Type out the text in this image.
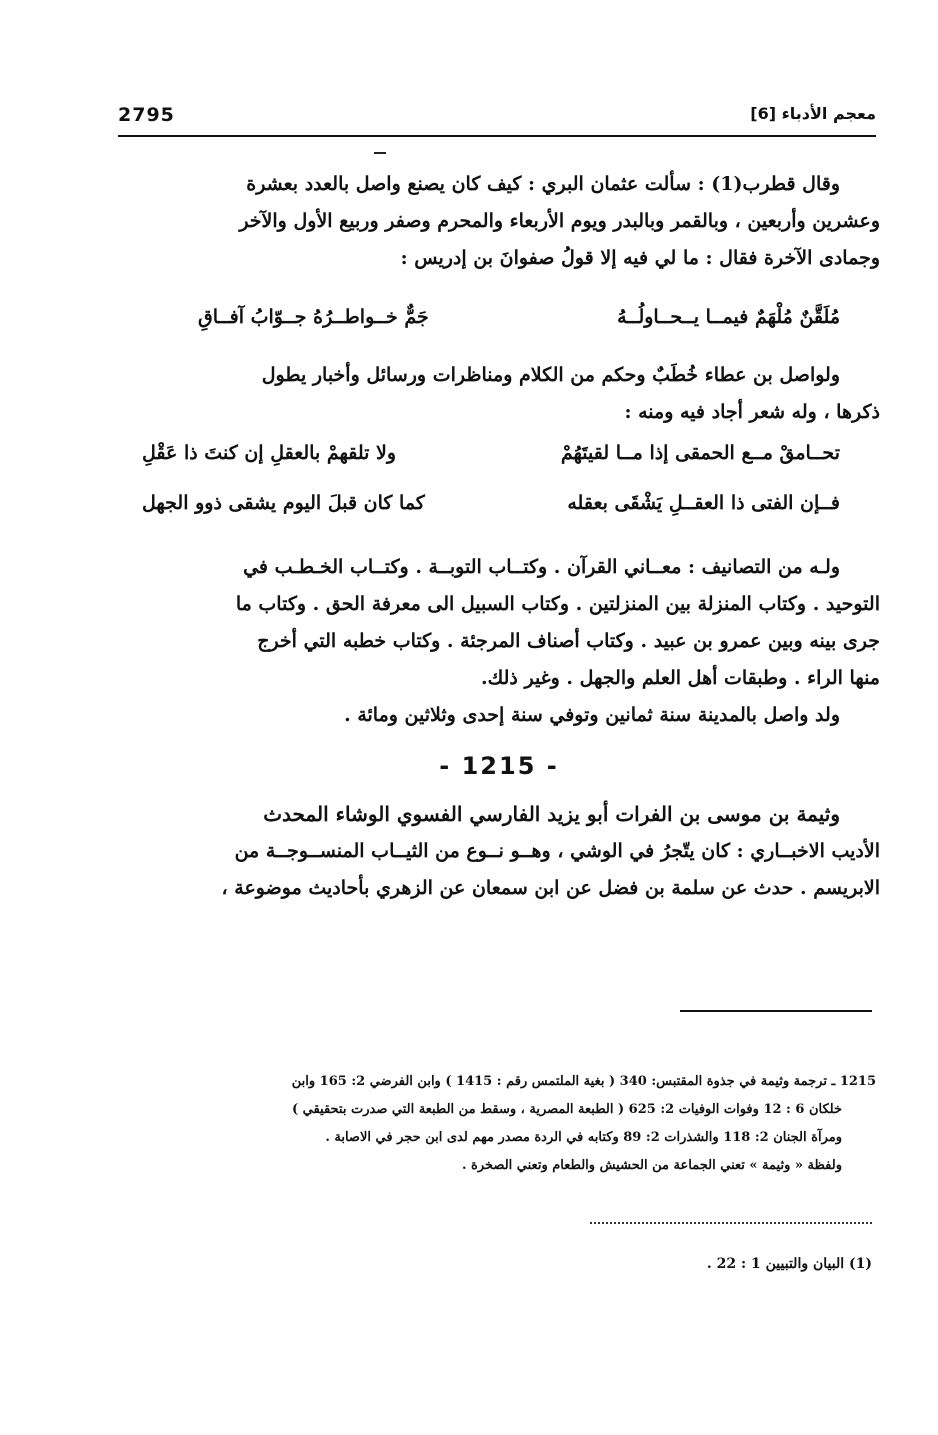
2795	معجم الأدباء [6]

وقال قطرب(1) : سألت عثمان البري : كيف كان يصنع واصل بالعدد بعشرة

وعشرين وأربعين ، وبالقمر وبالبدر ويوم الأربعاء والمحرم وصفر وربيع الأول والآخر

وجمادى الآخرة فقال : ما لي فيه إلا قولُ صفوانَ بن إدريس :

مُلَقَّنٌ مُلْهَمٌ فيمــا يــحــاولُــهُ
جَمٌّ خــواطــرُهُ جــوّابُ آفــاقِ

ولواصل بن عطاء خُطَبٌ وحكم من الكلام ومناظرات ورسائل وأخبار يطول

ذكرها ، وله شعر أجاد فيه ومنه :

تحــامقْ مــع الحمقى إذا مــا لقيتَهُمْ
ولا تلقهمْ بالعقلِ إن كنتَ ذا عَقْلِ
فــإن الفتى ذا العقــلِ يَشْقَى بعقله
كما كان قبلَ اليوم يشقى ذوو الجهل

ولـه من التصانيف : معــاني القرآن . وكتــاب التوبــة . وكتــاب الخـطـب في

التوحيد . وكتاب المنزلة بين المنزلتين . وكتاب السبيل الى معرفة الحق . وكتاب ما

جرى بينه وبين عمرو بن عبيد . وكتاب أصناف المرجئة . وكتاب خطبه التي أخرج

منها الراء . وطبقات أهل العلم والجهل . وغير ذلك.

ولد واصل بالمدينة سنة ثمانين وتوفي سنة إحدى وثلاثين ومائة .

- 1215 -

وثيمة بن موسى بن الفرات أبو يزيد الفارسي الفسوي الوشاء المحدث

الأديب الاخبــاري : كان يتّجرُ في الوشي ، وهــو نــوع من الثيــاب المنســوجــة من

الابريسم . حدث عن سلمة بن فضل عن ابن سمعان عن الزهري بأحاديث موضوعة ،

1215 ـ ترجمة وثيمة في جذوة المقتبس: 340 ( بغية الملتمس رقم : 1415 ) وابن الفرضي 2: 165 وابن

خلكان 6 : 12 وفوات الوفيات 2: 625 ( الطبعة المصرية ، وسقط من الطبعة التي صدرت بتحقيقي )

ومرآة الجنان 2: 118 والشذرات 2: 89 وكتابه في الردة مصدر مهم لدى ابن حجر في الاصابة .

ولفظة « وثيمة » تعني الجماعة من الحشيش والطعام وتعني الصخرة .

(1) البيان والتبيين 1 : 22 .
